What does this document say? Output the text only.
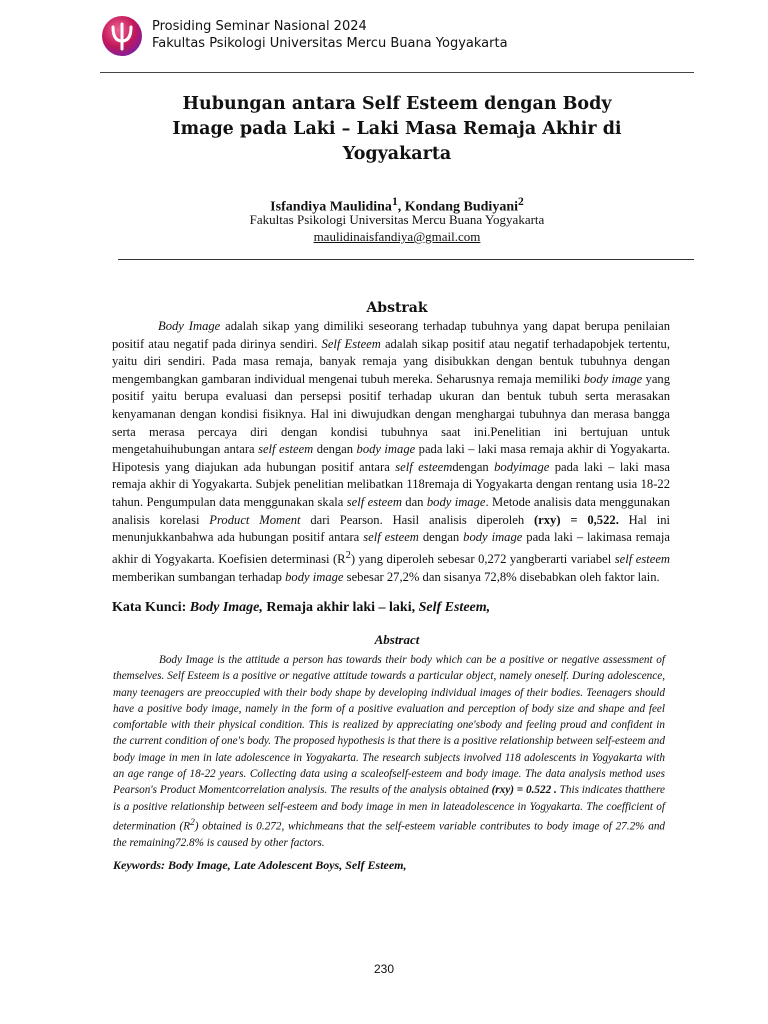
Prosiding Seminar Nasional 2024
Fakultas Psikologi Universitas Mercu Buana Yogyakarta
Hubungan antara Self Esteem dengan Body
Image pada Laki – Laki Masa Remaja Akhir di
Yogyakarta
Isfandiya Maulidina$^1$, Kondang Budiyani$^2$
Fakultas Psikologi Universitas Mercu Buana Yogyakarta
maulidinaisfandiya@gmail.com
Abstrak
Body Image adalah sikap yang dimiliki seseorang terhadap tubuhnya yang dapat berupa penilaian positif atau negatif pada dirinya sendiri. Self Esteem adalah sikap positif atau negatif terhadapobjek tertentu, yaitu diri sendiri. Pada masa remaja, banyak remaja yang disibukkan dengan bentuk tubuhnya dengan mengembangkan gambaran individual mengenai tubuh mereka. Seharusnya remaja memiliki body image yang positif yaitu berupa evaluasi dan persepsi positif terhadap ukuran dan bentuk tubuh serta merasakan kenyamanan dengan kondisi fisiknya. Hal ini diwujudkan dengan menghargai tubuhnya dan merasa bangga serta merasa percaya diri dengan kondisi tubuhnya saat ini.Penelitian ini bertujuan untuk mengetahuihubungan antara self esteem dengan body image pada laki – laki masa remaja akhir di Yogyakarta. Hipotesis yang diajukan ada hubungan positif antara self esteemdengan bodyimage pada laki – laki masa remaja akhir di Yogyakarta. Subjek penelitian melibatkan 118remaja di Yogyakarta dengan rentang usia 18-22 tahun. Pengumpulan data menggunakan skala self esteem dan body image. Metode analisis data menggunakan analisis korelasi Product Moment dari Pearson. Hasil analisis diperoleh (rxy) = 0,522. Hal ini menunjukkanbahwa ada hubungan positif antara self esteem dengan body image pada laki – lakimasa remaja akhir di Yogyakarta. Koefisien determinasi $(R^2)$ yang diperoleh sebesar 0,272 yangberarti variabel self esteem memberikan sumbangan terhadap body image sebesar 27,2% dan sisanya 72,8% disebabkan oleh faktor lain.
Kata Kunci: Body Image, Remaja akhir laki – laki, Self Esteem,
Abstract
Body Image is the attitude a person has towards their body which can be a positive or negative assessment of themselves. Self Esteem is a positive or negative attitude towards a particular object, namely oneself. During adolescence, many teenagers are preoccupied with their body shape by developing individual images of their bodies. Teenagers should have a positive body image, namely in the form of a positive evaluation and perception of body size and shape and feel comfortable with their physical condition. This is realized by appreciating one'sbody and feeling proud and confident in the current condition of one's body. The proposed hypothesis is that there is a positive relationship between self-esteem and body image in men in late adolescence in Yogyakarta. The research subjects involved 118 adolescents in Yogyakarta with an age range of 18-22 years. Collecting data using a scaleofself-esteem and body image. The data analysis method uses Pearson's Product Momentcorrelation analysis. The results of the analysis obtained (rxy) = 0.522 . This indicates thatthere is a positive relationship between self-esteem and body image in men in lateadolescence in Yogyakarta. The coefficient of determination $(R^2)$ obtained is 0.272, whichmeans that the self-esteem variable contributes to body image of 27.2% and the remaining72.8% is caused by other factors.
Keywords: Body Image, Late Adolescent Boys, Self Esteem,
230
